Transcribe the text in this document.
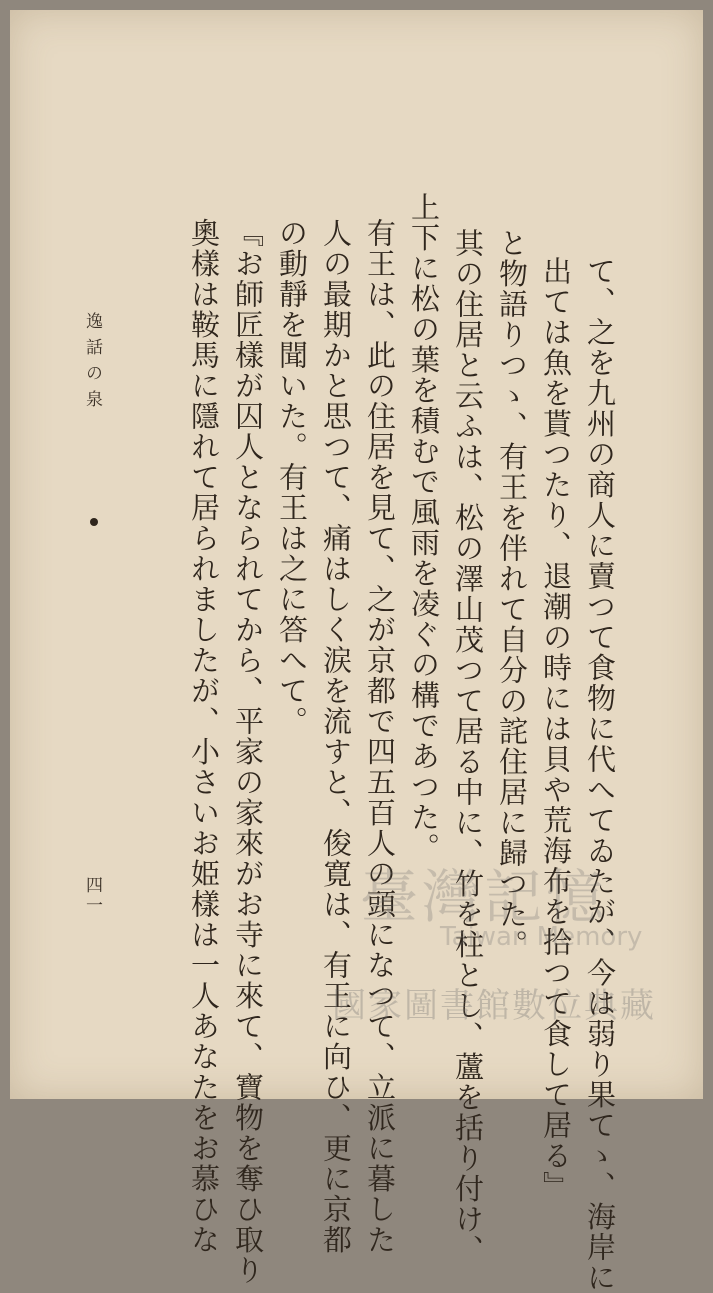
て、之を九州の商人に賣つて食物に代へてゐたが、今は弱り果てゝ、海岸に
出ては魚を貰つたり、退潮の時には貝や荒海布を拾つて食して居る』
と物語りつゝ、有王を伴れて自分の詫住居に歸つた。
其の住居と云ふは、松の澤山茂つて居る中に、竹を柱とし、蘆を括り付け、
上下に松の葉を積むで風雨を凌ぐの構であつた。
有王は、此の住居を見て、之が京都で四五百人の頭になつて、立派に暮した
人の最期かと思つて、痛はしく涙を流すと、俊寛は、有王に向ひ、更に京都
の動靜を聞いた。有王は之に答へて。
『お師匠樣が囚人となられてから、平家の家來がお寺に來て、寶物を奪ひ取り
奧樣は鞍馬に隱れて居られましたが、小さいお姫樣は一人あなたをお慕ひな
逸話の泉
四一	臺灣記憶
Taiwan Memory
國家圖書館數位典藏
